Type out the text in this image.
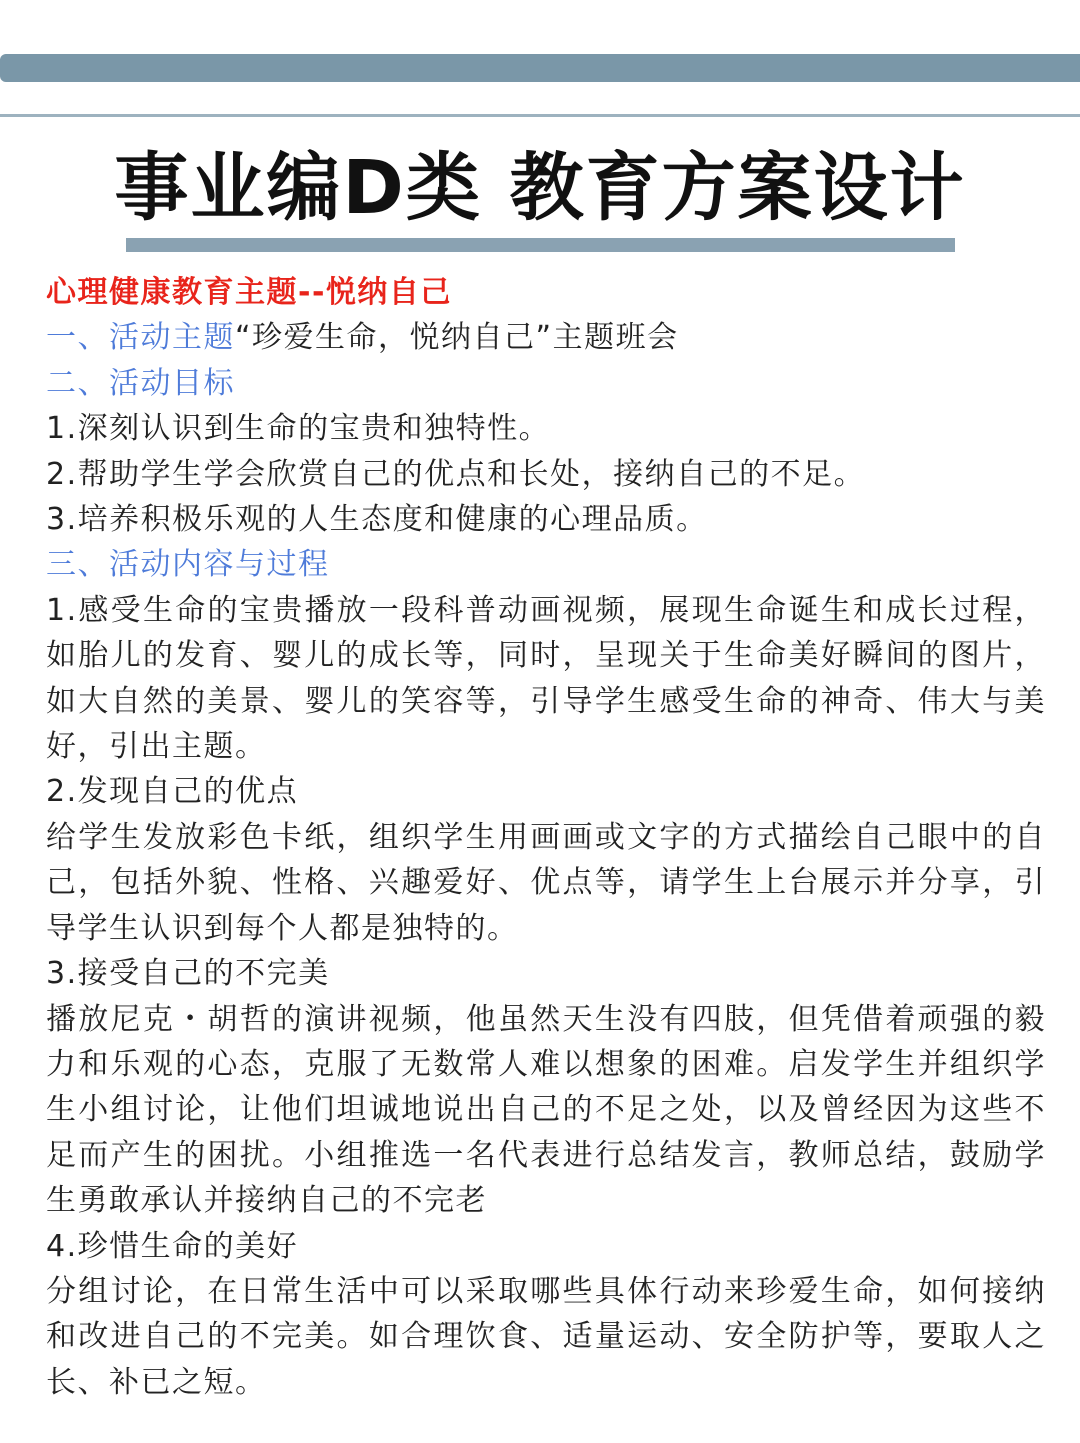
事业编D类 教育方案设计

心理健康教育主题--悦纳自己

一、活动主题“珍爱生命，悦纳自己”主题班会

二、活动目标

1.深刻认识到生命的宝贵和独特性。

2.帮助学生学会欣赏自己的优点和长处，接纳自己的不足。

3.培养积极乐观的人生态度和健康的心理品质。

三、活动内容与过程

1.感受生命的宝贵播放一段科普动画视频，展现生命诞生和成长过程，如胎儿的发育、婴儿的成长等，同时，呈现关于生命美好瞬间的图片，如大自然的美景、婴儿的笑容等，引导学生感受生命的神奇、伟大与美好，引出主题。

2.发现自己的优点

给学生发放彩色卡纸，组织学生用画画或文字的方式描绘自己眼中的自己，包括外貌、性格、兴趣爱好、优点等，请学生上台展示并分享，引导学生认识到每个人都是独特的。

3.接受自己的不完美

播放尼克・胡哲的演讲视频，他虽然天生没有四肢，但凭借着顽强的毅力和乐观的心态，克服了无数常人难以想象的困难。启发学生并组织学生小组讨论，让他们坦诚地说出自己的不足之处，以及曾经因为这些不足而产生的困扰。小组推选一名代表进行总结发言，教师总结，鼓励学生勇敢承认并接纳自己的不完老

4.珍惜生命的美好

分组讨论，在日常生活中可以采取哪些具体行动来珍爱生命，如何接纳和改进自己的不完美。如合理饮食、适量运动、安全防护等，要取人之长、补已之短。
